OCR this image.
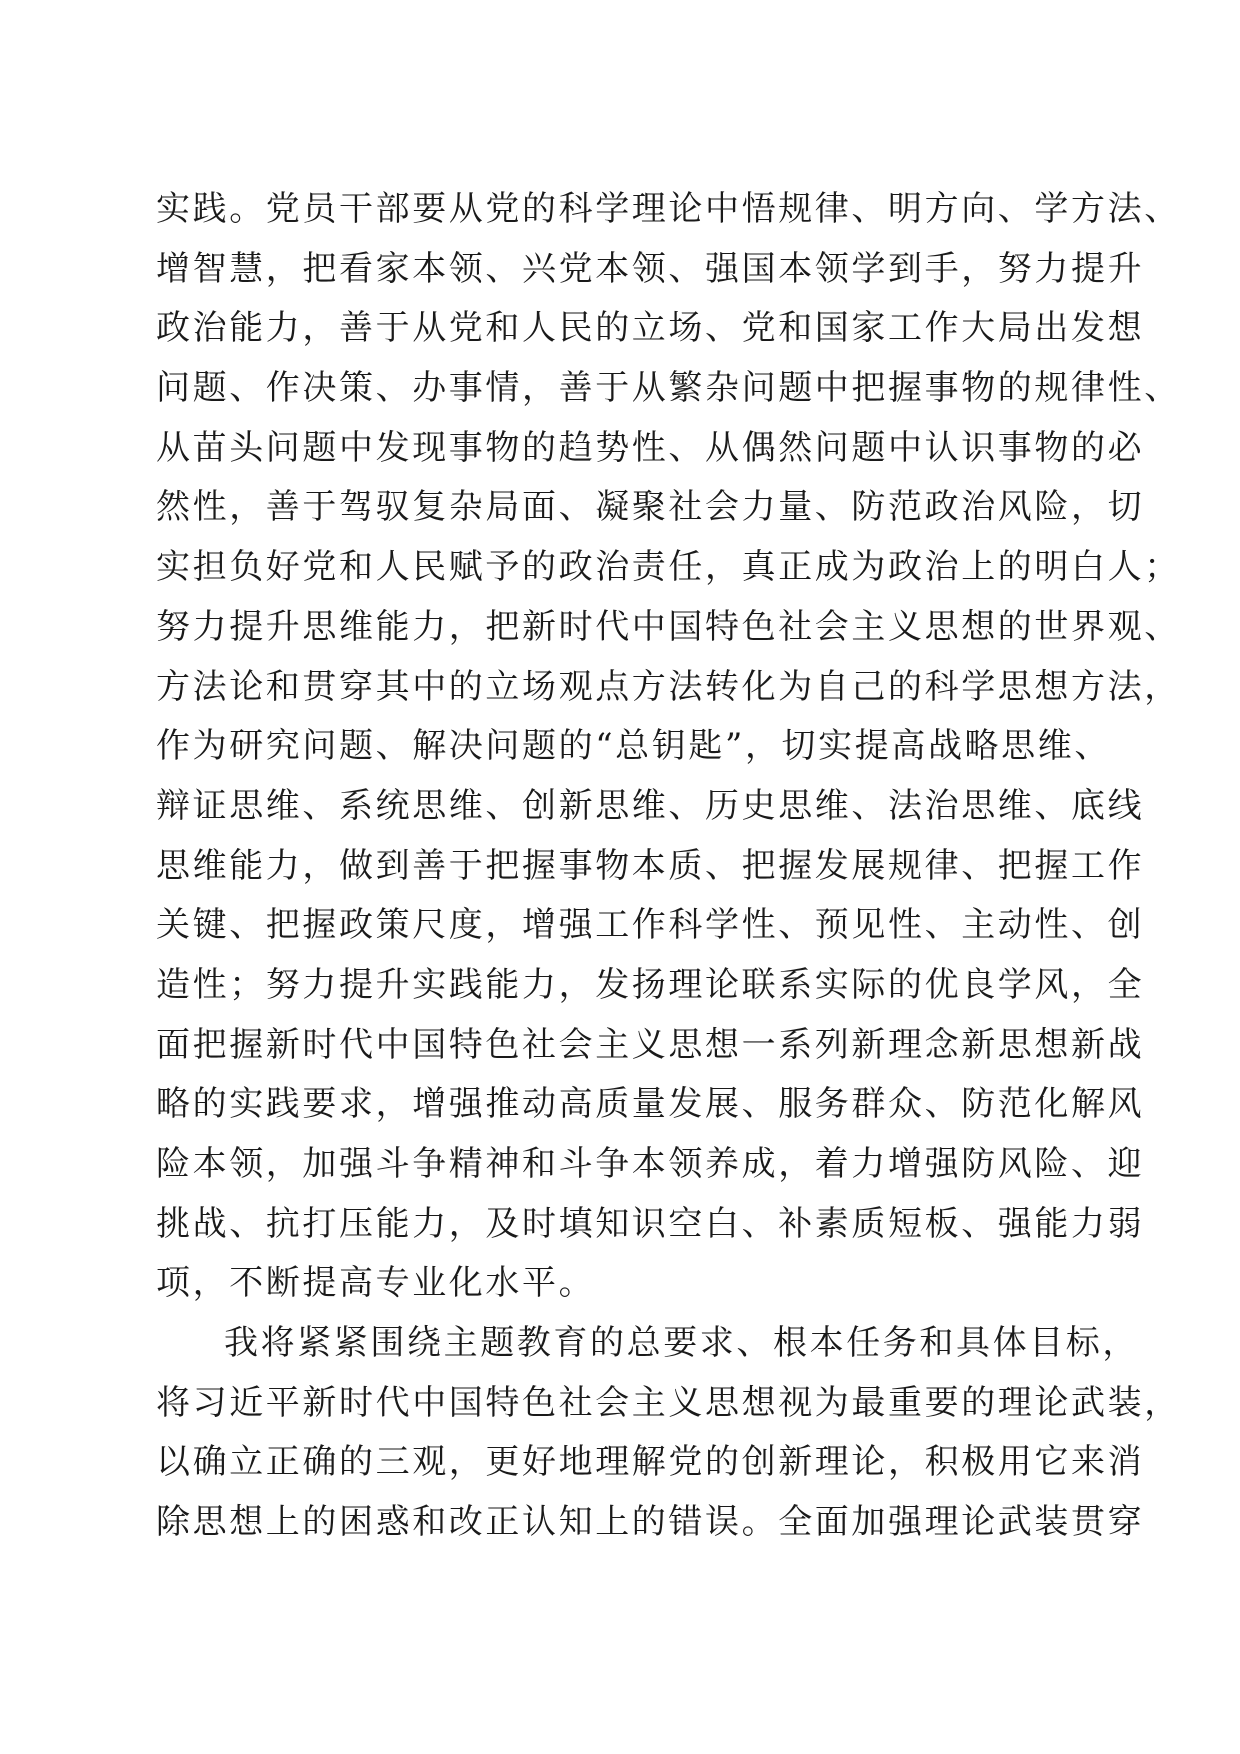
实践。党员干部要从党的科学理论中悟规律、明方向、学方法、
增智慧，把看家本领、兴党本领、强国本领学到手，努力提升
政治能力，善于从党和人民的立场、党和国家工作大局出发想
问题、作决策、办事情，善于从繁杂问题中把握事物的规律性、
从苗头问题中发现事物的趋势性、从偶然问题中认识事物的必
然性，善于驾驭复杂局面、凝聚社会力量、防范政治风险，切
实担负好党和人民赋予的政治责任，真正成为政治上的明白人；
努力提升思维能力，把新时代中国特色社会主义思想的世界观、
方法论和贯穿其中的立场观点方法转化为自己的科学思想方法，
作为研究问题、解决问题的“总钥匙”，切实提高战略思维、
辩证思维、系统思维、创新思维、历史思维、法治思维、底线
思维能力，做到善于把握事物本质、把握发展规律、把握工作
关键、把握政策尺度，增强工作科学性、预见性、主动性、创
造性；努力提升实践能力，发扬理论联系实际的优良学风，全
面把握新时代中国特色社会主义思想一系列新理念新思想新战
略的实践要求，增强推动高质量发展、服务群众、防范化解风
险本领，加强斗争精神和斗争本领养成，着力增强防风险、迎
挑战、抗打压能力，及时填知识空白、补素质短板、强能力弱
项，不断提高专业化水平。
我将紧紧围绕主题教育的总要求、根本任务和具体目标，
将习近平新时代中国特色社会主义思想视为最重要的理论武装，
以确立正确的三观，更好地理解党的创新理论，积极用它来消
除思想上的困惑和改正认知上的错误。全面加强理论武装贯穿
